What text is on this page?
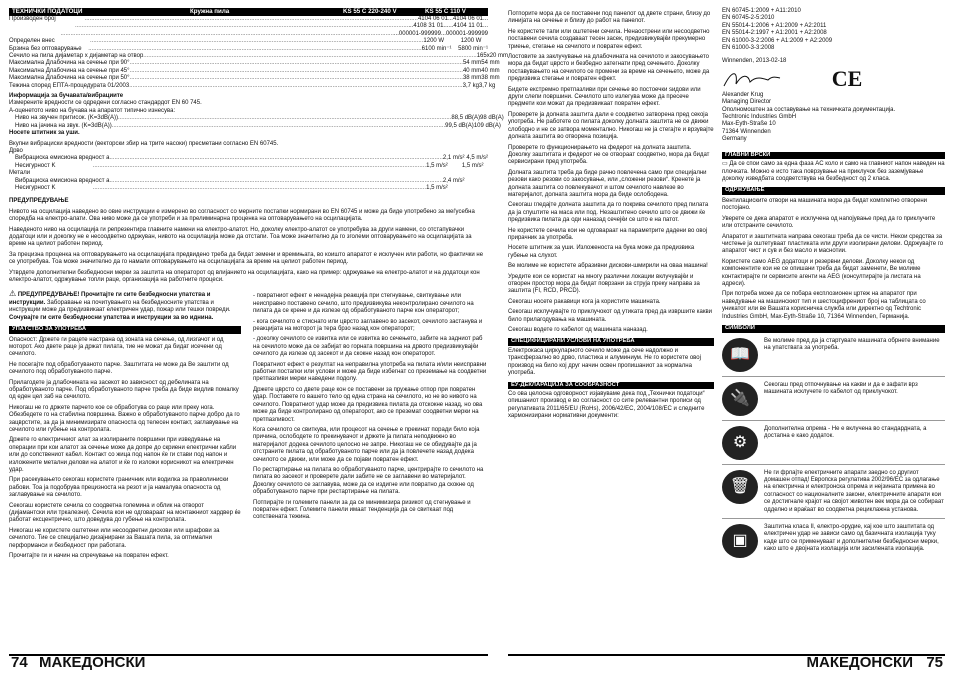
ТЕХНИЧКИ ПОДАТОЦИ	Кружна пила	KS 55 C 220-240 V	KS 55 C 110 V
Производен број	........................................................................................................................................................................................................ 4104 06 01... 4104 06 01...
........................................................................................................................................................................................................ ...4108 31 01... ...4104 11 01...
........................................................................................................................................................................................................ ...000001-999999 ...000001-999999
Определен внес	........................................................................................................................................................................................................ 1200 W	1200 W
Брзина без оптоварување	........................................................................................................................................................................................................ 6100 min⁻¹	5800 min⁻¹
Сечило на пила дијаметар x дијаметар на отвор ........................................................................................................................................................................................................ 165x20 mm
Максимална Длабочина на сечење при 90° ........................................................................................................................................................................................................ 54 mm 54 mm
Максимална Длабочина на сечење при 45° ........................................................................................................................................................................................................ 40 mm 40 mm
Максимална Длабочина на сечење при 50° ........................................................................................................................................................................................................ 38 mm 38 mm
Тежина според ЕПТА-процедурата 01/2003 ........................................................................................................................................................................................................ 3,7 kg 3,7 kg
Информација за бучавата/вибрациите
Измерените вредности се одредени согласно стандардот EN 60 745.
А-оценетото ниво на бучава на апаратот типично изнесува:
Ниво на звучен притисок. (K=3dB(A)) ........................................................................................................................................................................................................ 88,5 dB(A) 98 dB(A)
Ниво на јачина на звук. (K=3dB(A)) ........................................................................................................................................................................................................ 99,5 dB(A) 109 dB(A)
Носете штитник за уши.
Вкупни вибрациски вредности (векторски збир на трите насоки) пресметани согласно EN 60745.
Дрво
Вибрациска емисиона вредност a ........................................................................................................................................................................................................ 2,1 m/s² 4,5 m/s²
Несигурност K	........................................................................................................................................................................................................ 1,5 m/s²	1,5 m/s²
Метали
Вибрациска емисиона вредност a ........................................................................................................................................................................................................ 2,4 m/s²
Несигурност K	........................................................................................................................................................................................................ 1,5 m/s²
ПРЕДУПРЕДУВАЊЕ
Нивото на осцилација наведено во овие инструкции е измерено во согласност со мерните постапки нормирани во EN 60745 и може да биде употребено за меѓусебна споредба на електро-алати. Ова ниво може да се употреби и за прелиминарна проценка на оптоварувањето на осцилацијата.
Наведеното ниво на осцилација ги репрезентира главните намени на електро-алатот. Но, доколку електро-алатот се употребува за други намени, со отстапувачки додатоци или и доколку не е несоодветно одржуван, нивото на осцилација може да отстапи. Тоа може значително да го зголеми оптоварувањето на осцилацијата за време на целиот работен период.
За прецизна проценка на оптоварувањето на осцилацијата предвидено треба да бидат земени и времињата, во коишто апаратот е исклучен или работи, но фактички не се употребува. Тоа може значително да го намали оптоварувањето на осцилацијата за време на целиот работен период.
Утврдете дополнителни безбедносни мерки за заштита на операторот од влијанието на осцилацијата, како на пример: одржување на електро-алатот и на додатоци кон електро-алатот, одржување топли раце, организација на работните процеси.
⚠ ПРЕДУПРЕДУВАЊЕ! Прочитајте ги сите безбедносни упатства и инструкции. Заборавање на почитувањето на безбедносните упатства и инструкции може да предизвикаат електричен удар, пожар или тешки повреди.
Сочувајте ги сите безбедносни упатства и инструкции за во иднина.
УПАТСТВО ЗА УПОТРЕБА
Опасност: Држете ги рацете настрана од зоната на сечење, од лизгачот и од моторот. Ако двете раце ја држат пилата, тие не можат да бидат исечени од сечилото.
Не посегајте под обработуваното парче. Заштитата не може да Ве заштити од сечилото под обработуваното парче.
Прилагодете ја длабочината на засекот во зависност од дебелината на обработуваното парче. Под обработуваното парче треба да биде видлив помалку од еден цел заб на сечилото.
Никогаш не го држете парчето кое се обработува со раце или преку нога. Обезбедете го на стабилна површина. Важно е обработуваното парче добро да го зацврстите, за да ја минимизирате опасноста од телесен контакт, заглавување на сечилото или губење на контролата.
Држете го електричниот алат за изолираните површини при изведување на операции при кои алатот за сечење може да допре до скриени електрични кабли или до сопствениот кабел. Контакт со жица под напон ќе ги стави под напон и изложените метални делови на алатот и ќе го изложи корисникот на електричен удар.
При расекувањето секогаш користете граничник или водилка за праволиниски рабови. Тоа ја подобрува прецизноста на резот и ја намалува опасноста од заглавување на сечилото.
Секогаш користете сечила со соодветна големина и облик на отворот (дијамантски или тркалезни). Сечила кои не одговараат на монтажниот хардвер ќе работат ексцентрично, што доведува до губење на контролата.
Никогаш не користете оштетени или несоодветни дискови или шрафови за сечилото. Тие се специјално дизајнирани за Вашата пила, за оптимални перформанси и безбедност при работата.
Прочитајте ги и начин на спречување на повратен ефект.
- повратниот ефект е ненадејна реакција при стегнување, свиткување или неисправно поставено сечило, што предизвикува неконтролирано сечилото на пилата да се крене и да излезе од обработуваното парче кон операторот;
- кога сечилото е стиснато или цврсто заглавено во засекот, сечилото застанува и реакцијата на моторот ја тера брзо назад кон операторот;
- доколку сечилото се извитка или се извитка во сечењето, забите на задниот раб на сечилото може да се забијат во горната површина на дрвото предизвикувајќи сечилото да излезе од засекот и да скокне назад кон операторот.
Повратниот ефект е резултат на неправилна употреба на пилата и/или неисправни работни постапки или услови и може да биде избегнат со преземање на соодветни претпазливи мерки наведени подолу.
Држете цврсто со двете раце кон се поставени за пружање отпор при повратен удар. Поставете го вашето тело од една страна на сечилото, но не во нивото на сечилото. Повратниот удар може да предизвика пилата да отскокне назад, но ова може да биде контролирано од операторот, ако се преземат соодветни мерки на претпазливост.
Кога сечилото се свиткува, или процесот на сечење е прекинат поради било која причина, ослободете го прекинувачот и држете ја пилата неподвижно во материјалот додека сечилото целосно не запре. Никогаш не се обидувајте да ја отстраните пилата од обработуваното парче или да ја повлечете назад додека сечилото се движи, или може да се појави повратен ефект.
По рестартирање на пилата во обработуваното парче, центрирајте го сечилото на пилата во засекот и проверете дали забите не се заглавени во материјалот. Доколку сечилото се заглавува, може да се издигне или повратно да скокне од обработуваното парче при рестартирање на пилата.
Потпирајте ги големите панели за да се минимизира ризикот од стегнување и повратен ефект. Големите панели имаат тенденција да се свиткаат под сопствената тежина.
74 МАКЕДОНСКИ
Потпорите мора да се поставени под панелот од двете страни, близу до линијата на сечење и близу до работ на панелот.
Не користете тапи или оштетени сечила. Ненаострени или несоодветно поставени сечила создаваат тесен засек, предизвикувајќи прекумерно триење, стегање на сечилото и повратен ефект.
Лостовите за заклучување на длабочината на сечилото и закосувањето мора да бидат цврсто и безбедно затегнати пред сечењето. Доколку поставувањето на сечилото се промени за време на сечењето, може да предизвика стегање и повратен ефект.
Бидете екстремно претпазливи при сечење во постоечки ѕидови или други слепи површини. Сечилото што излегува може да пресече предмети кои можат да предизвикаат повратен ефект.
Проверете ја долната заштита дали е соодветно затворена пред секоја употреба. Не работете со пилата доколку долната заштита не се движи слободно и не се затвора моментално. Никогаш не ја стегајте и врзувајте долната заштита во отворена позиција.
Проверете го функционирањето на федерот на долната заштита. Доколку заштитата и федерот не се отвораат соодветно, мора да бидат сервисирани пред употреба.
Долната заштита треба да биде рачно повлечена само при специјални резови како резови со закосување, или „сложени резови“. Кренете ја долната заштита со повлекувачот и штом сечилото навлезе во материјалот, долната заштита мора да биде ослободена.
Секогаш гледајте долната заштита да го покрива сечилото пред пилата да ја спуштите на маса или под. Незаштитено сечило што се движи ќе предизвика пилата да оди наназад сечејќи се што е на патот.
Не користете сечила кои не одговараат на параметрите дадени во овој прирачник за употреба.
Носете штитник за уши. Изложеноста на бука може да предизвика губење на слухот.
Ве молиме не користете абразивни дискови-шмирили на оваа машина!
Уредите кои се користат на многу различни локации вклучувајќи и отворен простор мора да бидат поврзани за струја преку направа за заштита (FI, RCD, PRCD).
Секогаш носете ракавици кога ја користите машината.
Секогаш исклучувајте го приклучокот од утиката пред да извршите какви било прилагодувања на машината.
Секогаш водете го кабелот од машината наназад.
СПЕЦИФИЦИРАНИ УСЛОВИ НА УПОТРЕБА
Електрокаса циркуларното сечило може да сече надолжно и трансферзално во дрво, пластика и алуминиум. Не го користете овој производ на било кој друг начин освен пропишаниот за нормална употреба.
ЕУ-ДЕКЛАРАЦИЈА ЗА СООБРАЗНОСТ
Со ова целосна одговорност изјавуваме дека под „Технички податоци“ опишаниот производ е во согласност со сите релевантни прописи од регулативата 2011/65/EU (RoHs), 2006/42/EC, 2004/108/EC и следните хармонизирани нормативни документи:
EN 60745-1:2009 + A11:2010
EN 60745-2-5:2010
EN 55014-1:2006 + A1:2009 + A2:2011
EN 55014-2:1997 + A1:2001 + A2:2008
EN 61000-3-2:2006 + A1:2009 + A2:2009
EN 61000-3-3:2008
Winnenden, 2013-02-18
CE
Alexander Krug
Managing Director
Ополномоштен за составување на техничката документација.
Techtronic Industries GmbH
Max-Eyth-Straße 10
71364 Winnenden
Germany
ГЛАВНИ ВРСКИ
▭ Да се спои само за една фаза AC коло и само на главниот напон наведен на плочката. Можно е исто така поврзување на приклучок без заземјување доколку изведбата соодветствува на безбедност од 2 класа.
ОДРЖУВАЊЕ
Вентилациските отвори на машината мора да бидат комплетно отворени постојано.
Уверете се дека апаратот е исклучена од напојување пред да го приклучите или отстраните сечилото.
Апаратот и заштитната направа секогаш треба да се чисти. Некои средства за чистење ја оштетуваат пластиката или други изолирани делови. Одржувајте го апаратот чист и сув и без масло и маснотии.
Користете само AEG додатоци и резервни делови. Доколку некои од компонентите кои не се опишани треба да бидат заменети, Ве молиме контактирајте ги сервисите агенти на AEG (консултирајте ја листата на адреси).
При потреба може да се побара експлозионен цртеж на апаратот при наведување на машинскиот тип и шестоцифрениот број на таблицата со уникатот или ве Вашата корисничка служба или директно од Techtronic Industries GmbH, Max-Eyth-Straße 10, 71364 Winnenden, Германија.
СИМБОЛИ
📖
Ве молиме пред да ја стартувате машината обрнете внимание на упатствата за употреба.
🔌
Секогаш пред отпочнување на какви и да е зафати врз машината исклучете го кабелот од приклучокот.
⚙
Дополнителна опрема - Не е вклучена во стандардната, а достапна е како додаток.
🗑
Не ги фрлајте електричните апарати заедно со другиот домашен отпад! Европска регулатива 2002/96/ЕС за одлагање на електрична и електронска опрема и нејзината примена во согласност со националните закони, електричните апарати кои се достигнале крајот на својот животен век мора да се собираат одделно и враќаат во соодветна рециклажна установа.
▣
Заштитна класа II, електро-орудие, кај кое што заштитата од електричен удар не зависи само од базичната изолација туку каде што се применуваат и дополнителни безбедносни мерки, како што е двојната изолација или засилената изолација.
МАКЕДОНСКИ 75
